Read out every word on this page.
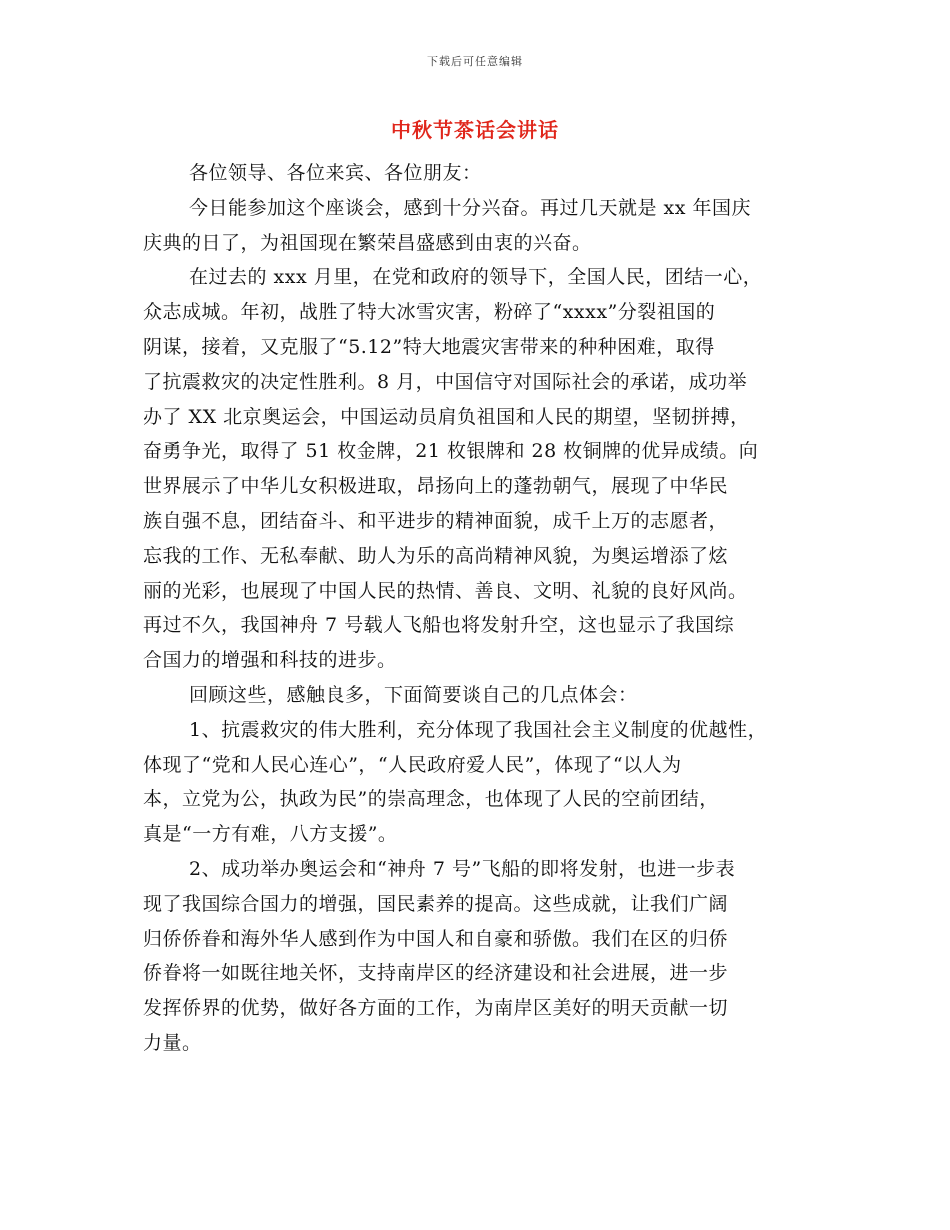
下载后可任意编辑
中秋节茶话会讲话
各位领导、各位来宾、各位朋友：
今日能参加这个座谈会，感到十分兴奋。再过几天就是 xx 年国庆
庆典的日了，为祖国现在繁荣昌盛感到由衷的兴奋。
在过去的 xxx 月里，在党和政府的领导下，全国人民，团结一心，
众志成城。年初，战胜了特大冰雪灾害，粉碎了“xxxx”分裂祖国的
阴谋，接着，又克服了“5.12”特大地震灾害带来的种种困难，取得
了抗震救灾的决定性胜利。8 月，中国信守对国际社会的承诺，成功举
办了 XX 北京奥运会，中国运动员肩负祖国和人民的期望，坚韧拼搏，
奋勇争光，取得了 51 枚金牌，21 枚银牌和 28 枚铜牌的优异成绩。向
世界展示了中华儿女积极进取，昂扬向上的蓬勃朝气，展现了中华民
族自强不息，团结奋斗、和平进步的精神面貌，成千上万的志愿者，
忘我的工作、无私奉献、助人为乐的高尚精神风貌，为奥运增添了炫
丽的光彩，也展现了中国人民的热情、善良、文明、礼貌的良好风尚。
再过不久，我国神舟 7 号载人飞船也将发射升空，这也显示了我国综
合国力的增强和科技的进步。
回顾这些，感触良多，下面简要谈自己的几点体会：
1、抗震救灾的伟大胜利，充分体现了我国社会主义制度的优越性，
体现了“党和人民心连心”，“人民政府爱人民”，体现了“以人为
本，立党为公，执政为民”的崇高理念，也体现了人民的空前团结，
真是“一方有难，八方支援”。
2、成功举办奥运会和“神舟 7 号”飞船的即将发射，也进一步表
现了我国综合国力的增强，国民素养的提高。这些成就，让我们广阔
归侨侨眷和海外华人感到作为中国人和自豪和骄傲。我们在区的归侨
侨眷将一如既往地关怀，支持南岸区的经济建设和社会进展，进一步
发挥侨界的优势，做好各方面的工作，为南岸区美好的明天贡献一切
力量。
